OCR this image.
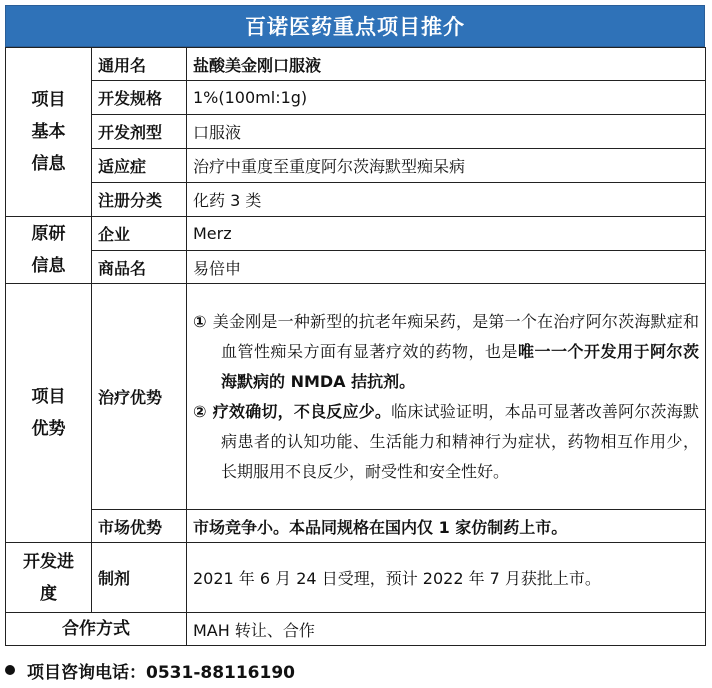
百诺医药重点项目推介
项目基本信息	通用名	盐酸美金刚口服液
	开发规格	1%(100ml:1g)
	开发剂型	口服液
	适应症	治疗中重度至重度阿尔茨海默型痴呆病
	注册分类	化药 3 类
原研信息	企业	Merz
	商品名	易倍申
项目优势	治疗优势	① 美金刚是一种新型的抗老年痴呆药，是第一个在治疗阿尔茨海默症和血管性痴呆方面有显著疗效的药物，也是唯一一个开发用于阿尔茨海默病的 NMDA 拮抗剂。

② 疗效确切，不良反应少。临床试验证明，本品可显著改善阿尔茨海默病患者的认知功能、生活能力和精神行为症状，药物相互作用少，长期服用不良反少，耐受性和安全性好。

	市场优势	市场竞争小。本品同规格在国内仅 1 家仿制药上市。
开发进度	制剂	2021 年 6 月 24 日受理，预计 2022 年 7 月获批上市。
合作方式		MAH 转让、合作
项目咨询电话：0531-88116190
